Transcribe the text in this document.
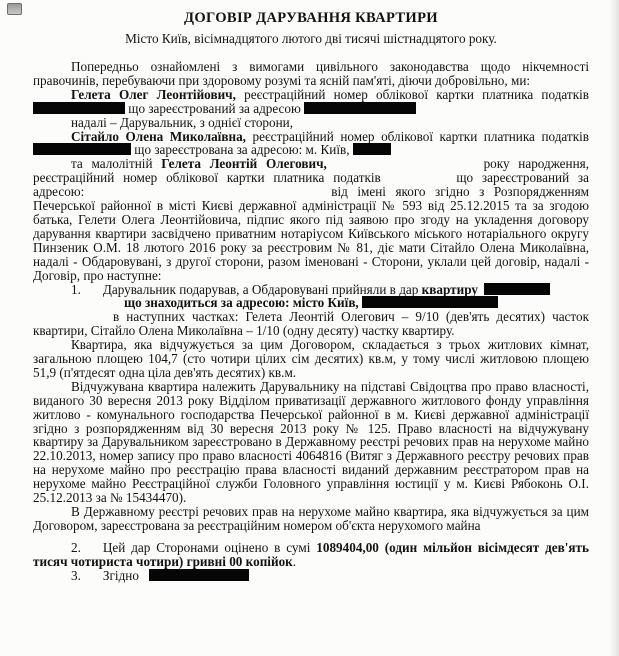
ДОГОВІР ДАРУВАННЯ КВАРТИРИ
Місто Київ, вісімнадцятого лютого дві тисячі шістнадцятого року.

Попередньо ознайомлені з вимогами цивільного законодавства щодо нікчемності правочинів, перебуваючи при здоровому розумі та ясній пам'яті, діючи добровільно, ми:

Гелета Олег Леонтійович, реєстраційний номер облікової картки платника податків  що зареєстрований за адресою

надалі – Дарувальник, з однієї сторони,

Сітайло Олена Миколаївна, реєстраційний номер облікової картки платника податків  що зареєстрована за адресою: м. Київ,

та малолітній Гелета Леонтій Олегович,	року народження, реєстраційний номер облікової картки платника податків	що зареєстрований за адресою:	від імені якого згідно з Розпорядженням Печерської районної в місті Києві державної адміністрації № 593 від 25.12.2015 та за згодою батька, Гелети Олега Леонтійовича, підпис якого під заявою про згоду на укладення договору дарування квартири засвідчено приватним нотаріусом Київського міського нотаріального округу Пинзеник О.М. 18 лютого 2016 року за реєстровим № 81, діє мати Сітайло Олена Миколаївна, надалі - Обдаровувані, з другої сторони, разом іменовані - Сторони, уклали цей договір, надалі - Договір, про наступне:

1. Дарувальник подарував, а Обдаровувані прийняли в дар квартиру

що знаходиться за адресою: місто Київ,

в наступних частках: Гелета Леонтій Олегович – 9/10 (дев'ять десятих) часток квартири, Сітайло Олена Миколаївна – 1/10 (одну десяту) частку квартиру.

Квартира, яка відчужується за цим Договором, складається з трьох житлових кімнат, загальною площею 104,7 (сто чотири цілих сім десятих) кв.м, у тому числі житловою площею 51,9 (п'ятдесят одна ціла дев'ять десятих) кв.м.

Відчужувана квартира належить Дарувальнику на підставі Свідоцтва про право власності, виданого 30 вересня 2013 року Відділом приватизації державного житлового фонду управління житлово - комунального господарства Печерської районної в м. Києві державної адміністрації згідно з розпорядженням від 30 вересня 2013 року № 125. Право власності на відчужувану квартиру за Дарувальником зареєстровано в Державному реєстрі речових прав на нерухоме майно 22.10.2013, номер запису про право власності 4064816 (Витяг з Державного реєстру речових прав на нерухоме майно про реєстрацію права власності виданий державним реєстратором прав на нерухоме майно Реєстраційної служби Головного управління юстиції у м. Києві Рябоконь О.І. 25.12.2013 за № 15434470).

В Державному реєстрі речових прав на нерухоме майно квартира, яка відчужується за цим Договором, зареєстрована за реєстраційним номером об'єкта нерухомого майна

2. Цей дар Сторонами оцінено в сумі 1089404,00 (один мільйон вісімдесят дев'ять тисяч чотириста чотири) гривні 00 копійок.

3. Згідно
